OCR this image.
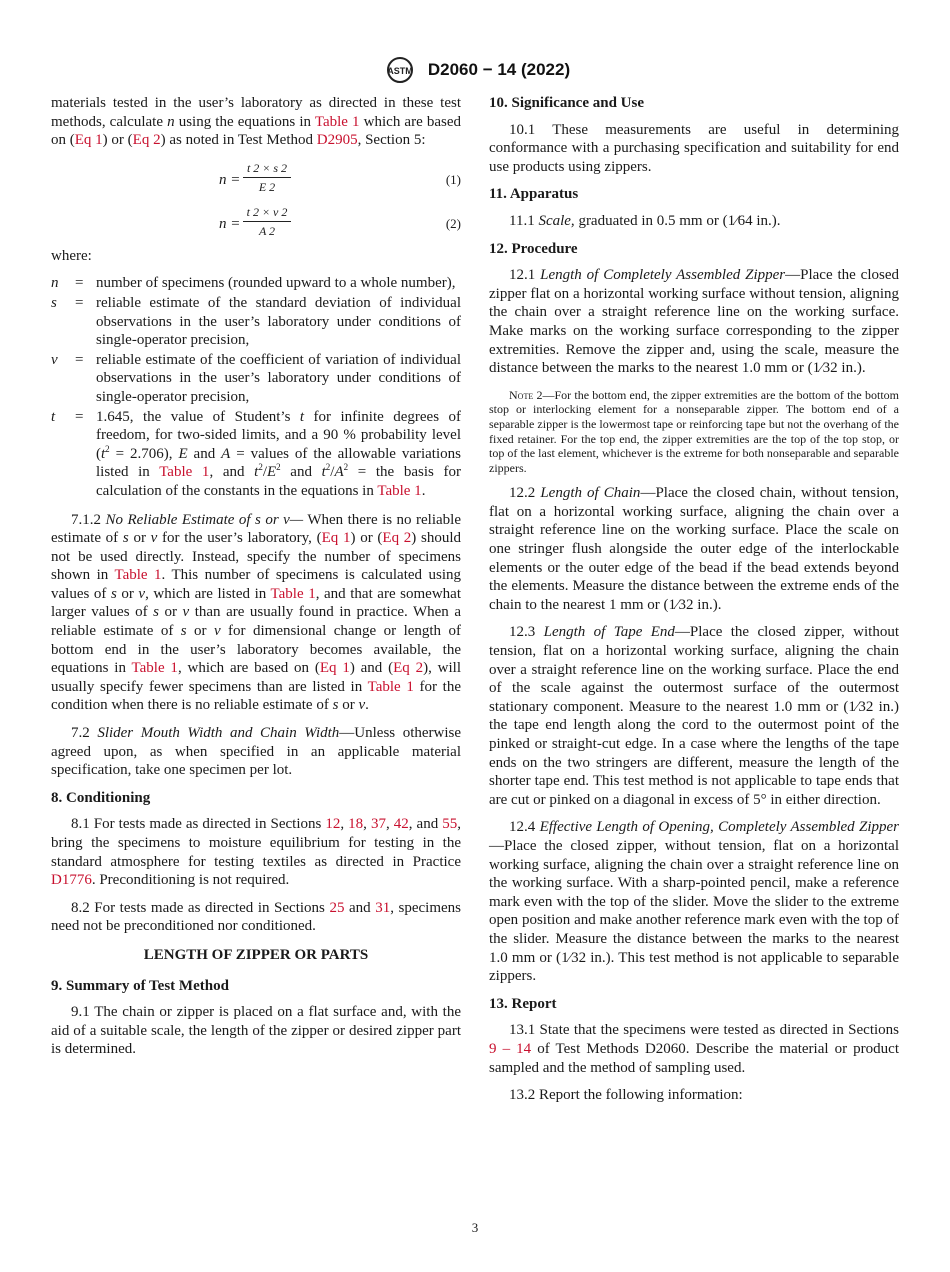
ASTM D2060 − 14 (2022)

materials tested in the user’s laboratory as directed in these test methods, calculate n using the equations in Table 1 which are based on (Eq 1) or (Eq 2) as noted in Test Method D2905, Section 5:

$n = \frac{t 2 \times s 2}{E 2}$	(1)
$n = \frac{t 2 \times v 2}{A 2}$	(2)

where:

n	= number of specimens (rounded upward to a whole number),
s	= reliable estimate of the standard deviation of individual observations in the user’s laboratory under conditions of single-operator precision,
v	= reliable estimate of the coefficient of variation of individual observations in the user’s laboratory under conditions of single-operator precision,
t	= 1.645, the value of Student’s t for infinite degrees of freedom, for two-sided limits, and a 90 % probability level $(t^2 = 2.706)$, E and A = values of the allowable variations listed in Table 1, and $t^2/E^2$ and $t^2/A^2$ = the basis for calculation of the constants in the equations in Table 1.

7.1.2 No Reliable Estimate of s or v— When there is no reliable estimate of s or v for the user’s laboratory, (Eq 1) or (Eq 2) should not be used directly. Instead, specify the number of specimens shown in Table 1. This number of specimens is calculated using values of s or v, which are listed in Table 1, and that are somewhat larger values of s or v than are usually found in practice. When a reliable estimate of s or v for dimensional change or length of bottom end in the user’s laboratory becomes available, the equations in Table 1, which are based on (Eq 1) and (Eq 2), will usually specify fewer specimens than are listed in Table 1 for the condition when there is no reliable estimate of s or v.

7.2 Slider Mouth Width and Chain Width—Unless otherwise agreed upon, as when specified in an applicable material specification, take one specimen per lot.

8. Conditioning

8.1 For tests made as directed in Sections 12, 18, 37, 42, and 55, bring the specimens to moisture equilibrium for testing in the standard atmosphere for testing textiles as directed in Practice D1776. Preconditioning is not required.

8.2 For tests made as directed in Sections 25 and 31, specimens need not be preconditioned nor conditioned.

LENGTH OF ZIPPER OR PARTS
9. Summary of Test Method

9.1 The chain or zipper is placed on a flat surface and, with the aid of a suitable scale, the length of the zipper or desired zipper part is determined.

10. Significance and Use

10.1 These measurements are useful in determining conformance with a purchasing specification and suitability for end use products using zippers.

11. Apparatus

11.1 Scale, graduated in 0.5 mm or (1⁄64 in.).

12. Procedure

12.1 Length of Completely Assembled Zipper—Place the closed zipper flat on a horizontal working surface without tension, aligning the chain over a straight reference line on the working surface. Make marks on the working surface corresponding to the zipper extremities. Remove the zipper and, using the scale, measure the distance between the marks to the nearest 1.0 mm or (1⁄32 in.).

Note 2—For the bottom end, the zipper extremities are the bottom of the bottom stop or interlocking element for a nonseparable zipper. The bottom end of a separable zipper is the lowermost tape or reinforcing tape but not the overhang of the fixed retainer. For the top end, the zipper extremities are the top of the top stop, or top of the last element, whichever is the extreme for both nonseparable and separable zippers.

12.2 Length of Chain—Place the closed chain, without tension, flat on a horizontal working surface, aligning the chain over a straight reference line on the working surface. Place the scale on one stringer flush alongside the outer edge of the interlockable elements or the outer edge of the bead if the bead extends beyond the elements. Measure the distance between the extreme ends of the chain to the nearest 1 mm or (1⁄32 in.).

12.3 Length of Tape End—Place the closed zipper, without tension, flat on a horizontal working surface, aligning the chain over a straight reference line on the working surface. Place the end of the scale against the outermost surface of the outermost stationary component. Measure to the nearest 1.0 mm or (1⁄32 in.) the tape end length along the cord to the outermost point of the pinked or straight-cut edge. In a case where the lengths of the tape ends on the two stringers are different, measure the length of the shorter tape end. This test method is not applicable to tape ends that are cut or pinked on a diagonal in excess of 5° in either direction.

12.4 Effective Length of Opening, Completely Assembled Zipper—Place the closed zipper, without tension, flat on a horizontal working surface, aligning the chain over a straight reference line on the working surface. With a sharp-pointed pencil, make a reference mark even with the top of the slider. Move the slider to the extreme open position and make another reference mark even with the top of the slider. Measure the distance between the marks to the nearest 1.0 mm or (1⁄32 in.). This test method is not applicable to separable zippers.

13. Report

13.1 State that the specimens were tested as directed in Sections 9 – 14 of Test Methods D2060. Describe the material or product sampled and the method of sampling used.

13.2 Report the following information:

3
